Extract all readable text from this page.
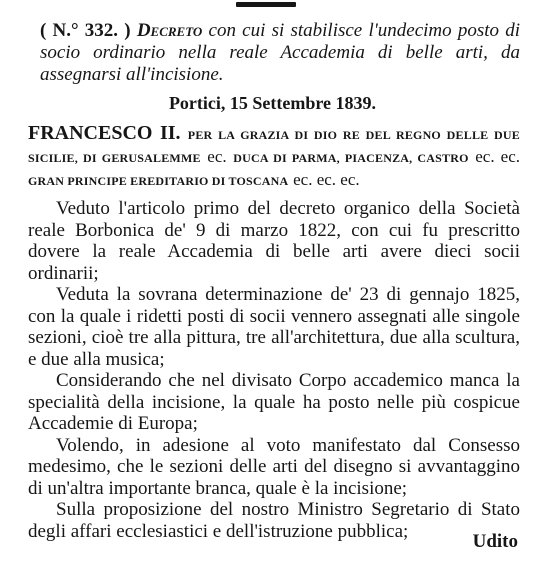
( N.° 332. ) Decreto con cui si stabilisce l'undecimo posto di socio ordinario nella reale Accademia di belle arti, da assegnarsi all'incisione.
Portici, 15 Settembre 1839.
FRANCESCO II. PER LA GRAZIA DI DIO RE DEL REGNO DELLE DUE SICILIE, DI GERUSALEMME ec. DUCA DI PARMA, PIACENZA, CASTRO ec. ec. GRAN PRINCIPE EREDITARIO DI TOSCANA ec. ec. ec.

Veduto l'articolo primo del decreto organico della Società reale Borbonica de' 9 di marzo 1822, con cui fu prescritto dovere la reale Accademia di belle arti avere dieci socii ordinarii;

Veduta la sovrana determinazione de' 23 di gennajo 1825, con la quale i ridetti posti di socii vennero assegnati alle singole sezioni, cioè tre alla pittura, tre all'architettura, due alla scultura, e due alla musica;

Considerando che nel divisato Corpo accademico manca la specialità della incisione, la quale ha posto nelle più cospicue Accademie di Europa;

Volendo, in adesione al voto manifestato dal Consesso medesimo, che le sezioni delle arti del disegno si avvantaggino di un'altra importante branca, quale è la incisione;

Sulla proposizione del nostro Ministro Segretario di Stato degli affari ecclesiastici e dell'istruzione pubblica;	Udito
